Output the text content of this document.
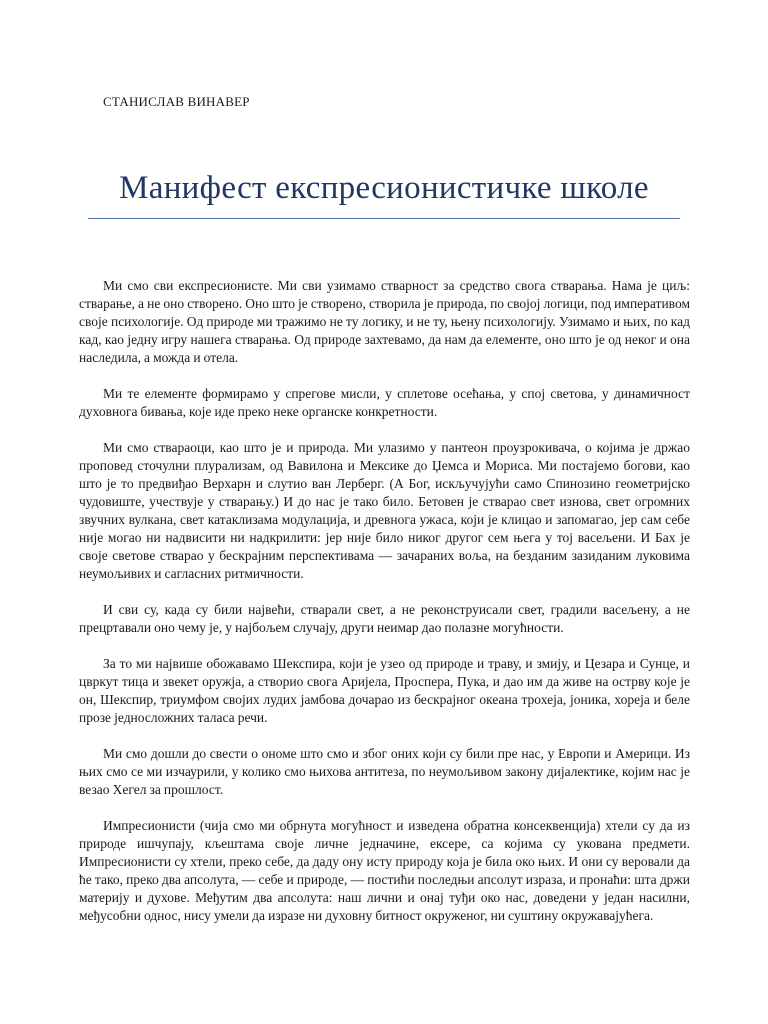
СТАНИСЛАВ ВИНАВЕР
Манифест експресионистичке школе

Ми смо сви експресионисте. Ми сви узимамо стварност за средство свога стварања. Нама је циљ: стварање, а не оно створено. Оно што је створено, створила је природа, по својој логици, под императивом своје психологије. Од природе ми тражимо не ту логику, и не ту, њену психологију. Узимамо и њих, по кад кад, као једну игру нашега стварања. Од природе захтевамо, да нам да елементе, оно што је од неког и она наследила, а можда и отела.

Ми те елементе формирамо у спрегове мисли, у сплетове осећања, у спој светова, у динамичност духовнога бивања, које иде преко неке органске конкретности.

Ми смо ствараоци, као што је и природа. Ми улазимо у пантеон проузрокивача, о којима је држао проповед сточулни плурализам, од Вавилона и Мексике до Џемса и Мориса. Ми постајемо богови, као што је то предвиђао Верхарн и слутио ван Лерберг. (А Бог, искључујући само Спинозино геометријско чудовиште, учествује у стварању.) И до нас је тако било. Бетовен је стварао свет изнова, свет огромних звучних вулкана, свет катаклизама модулација, и древнога ужаса, који је клицао и запомагао, јер сам себе није могао ни надвисити ни надкрилити: јер није било никог другог сем њега у тој васељени. И Бах је своје светове стварао у бескрајним перспективама — зачараних воља, на безданим зазиданим луковима неумољивих и сагласних ритмичности.

И сви су, када су били највећи, стварали свет, а не реконструисали свет, градили васељену, а не прецртавали оно чему је, у најбољем случају, други неимар дао полазне могућности.

За то ми највише обожавамо Шекспира, који је узео од природе и траву, и змију, и Цезара и Сунце, и цвркут тица и звекет оружја, а створио свога Аријела, Проспера, Пука, и дао им да живе на острву које је он, Шекспир, триумфом својих лудих јамбова дочарао из бескрајног океана трохеја, јоника, хореја и беле прозе једносложних таласа речи.

Ми смо дошли до свести о ономе што смо и због оних који су били пре нас, у Европи и Америци. Из њих смо се ми изчаурили, у колико смо њихова антитеза, по неумољивом закону дијалектике, којим нас је везао Хегел за прошлост.

Импресионисти (чија смо ми обрнута могућност и изведена обратна консеквенција) хтели су да из природе ишчупају, кљештама своје личне једначине, ексере, са којима су укована предмети. Импресионисти су хтели, преко себе, да даду ону исту природу која је била око њих. И они су веровали да ће тако, преко два апсолута, — себе и природе, — постићи последњи апсолут израза, и пронаћи: шта држи материју и духове. Међутим два апсолута: наш лични и онај туђи око нас, доведени у један насилни, међусобни однос, нису умели да изразе ни духовну битност окруженог, ни суштину окружавајућега.
